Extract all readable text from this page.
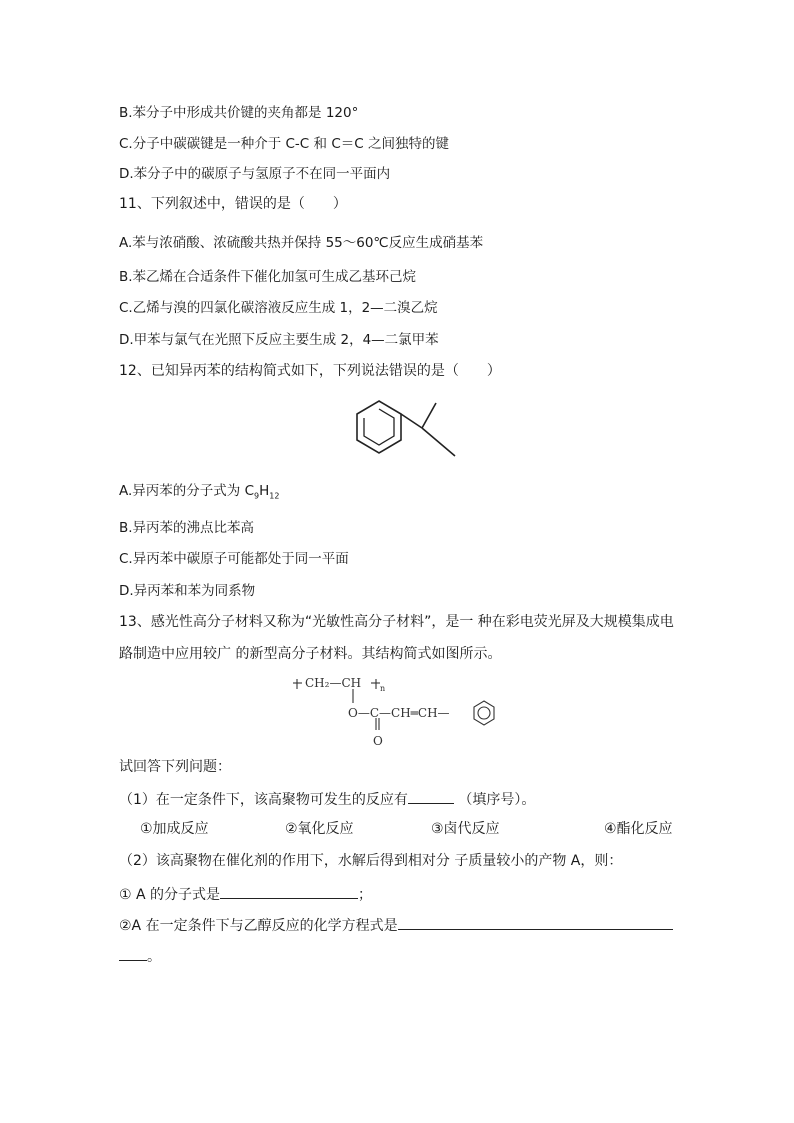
B.苯分子中形成共价键的夹角都是 120°
C.分子中碳碳键是一种介于 C-C 和 C＝C 之间独特的键
D.苯分子中的碳原子与氢原子不在同一平面内
11、下列叙述中，错误的是（　　）
A.苯与浓硝酸、浓硫酸共热并保持 55～60℃反应生成硝基苯
B.苯乙烯在合适条件下催化加氢可生成乙基环己烷
C.乙烯与溴的四氯化碳溶液反应生成 1，2—二溴乙烷
D.甲苯与氯气在光照下反应主要生成 2，4—二氯甲苯
12、已知异丙苯的结构简式如下，下列说法错误的是（　　）
A.异丙苯的分子式为 $C_9H_{12}$
B.异丙苯的沸点比苯高
C.异丙苯中碳原子可能都处于同一平面
D.异丙苯和苯为同系物
13、感光性高分子材料又称为“光敏性高分子材料”，是一 种在彩电荧光屏及大规模集成电
路制造中应用较广 的新型高分子材料。其结构简式如图所示。
CH₂—CH n
O—C—CH═CH—
O
试回答下列问题：
（1）在一定条件下，该高聚物可发生的反应有	（填序号）。
①加成反应	②氧化反应	③卤代反应	④酯化反应
（2）该高聚物在催化剂的作用下，水解后得到相对分 子质量较小的产物 A，则：
① A 的分子式是	；
②A 在一定条件下与乙醇反应的化学方程式是
。
